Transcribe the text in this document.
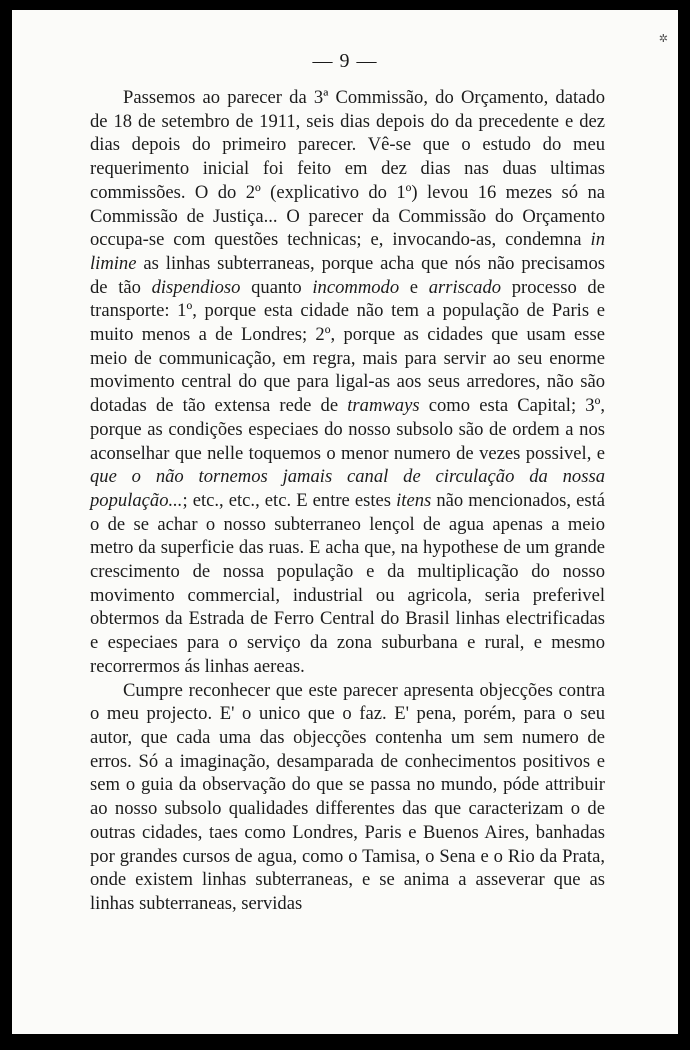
✲
— 9 —

Passemos ao parecer da 3ª Commissão, do Orçamento, datado de 18 de setembro de 1911, seis dias depois do da precedente e dez dias depois do primeiro parecer. Vê-se que o estudo do meu requerimento inicial foi feito em dez dias nas duas ultimas commissões. O do 2º (explicativo do 1º) levou 16 mezes só na Commissão de Justiça... O parecer da Commissão do Orçamento occupa-se com questões technicas; e, invocando-as, condemna in limine as linhas subterraneas, porque acha que nós não precisamos de tão dispendioso quanto incommodo e arriscado processo de transporte: 1º, porque esta cidade não tem a população de Paris e muito menos a de Londres; 2º, porque as cidades que usam esse meio de communicação, em regra, mais para servir ao seu enorme movimento central do que para ligal-as aos seus arredores, não são dotadas de tão extensa rede de tramways como esta Capital; 3º, porque as condições especiaes do nosso subsolo são de ordem a nos aconselhar que nelle toquemos o menor numero de vezes possivel, e que o não tornemos jamais canal de circulação da nossa população...; etc., etc., etc. E entre estes itens não mencionados, está o de se achar o nosso subterraneo lençol de agua apenas a meio metro da superficie das ruas. E acha que, na hypothese de um grande crescimento de nossa população e da multiplicação do nosso movimento commercial, industrial ou agricola, seria preferivel obtermos da Estrada de Ferro Central do Brasil linhas electrificadas e especiaes para o serviço da zona suburbana e rural, e mesmo recorrermos ás linhas aereas.

Cumpre reconhecer que este parecer apresenta objecções contra o meu projecto. E' o unico que o faz. E' pena, porém, para o seu autor, que cada uma das objecções contenha um sem numero de erros. Só a imaginação, desamparada de conhecimentos positivos e sem o guia da observação do que se passa no mundo, póde attribuir ao nosso subsolo qualidades differentes das que caracterizam o de outras cidades, taes como Londres, Paris e Buenos Aires, banhadas por grandes cursos de agua, como o Tamisa, o Sena e o Rio da Prata, onde existem linhas subterraneas, e se anima a asseverar que as linhas subterraneas, servidas
